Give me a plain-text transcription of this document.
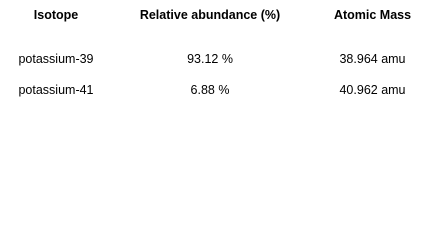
Isotope	Relative abundance (%)	Atomic Mass

potassium-39	93.12 %	38.964 amu
potassium-41	6.88 %	40.962 amu
